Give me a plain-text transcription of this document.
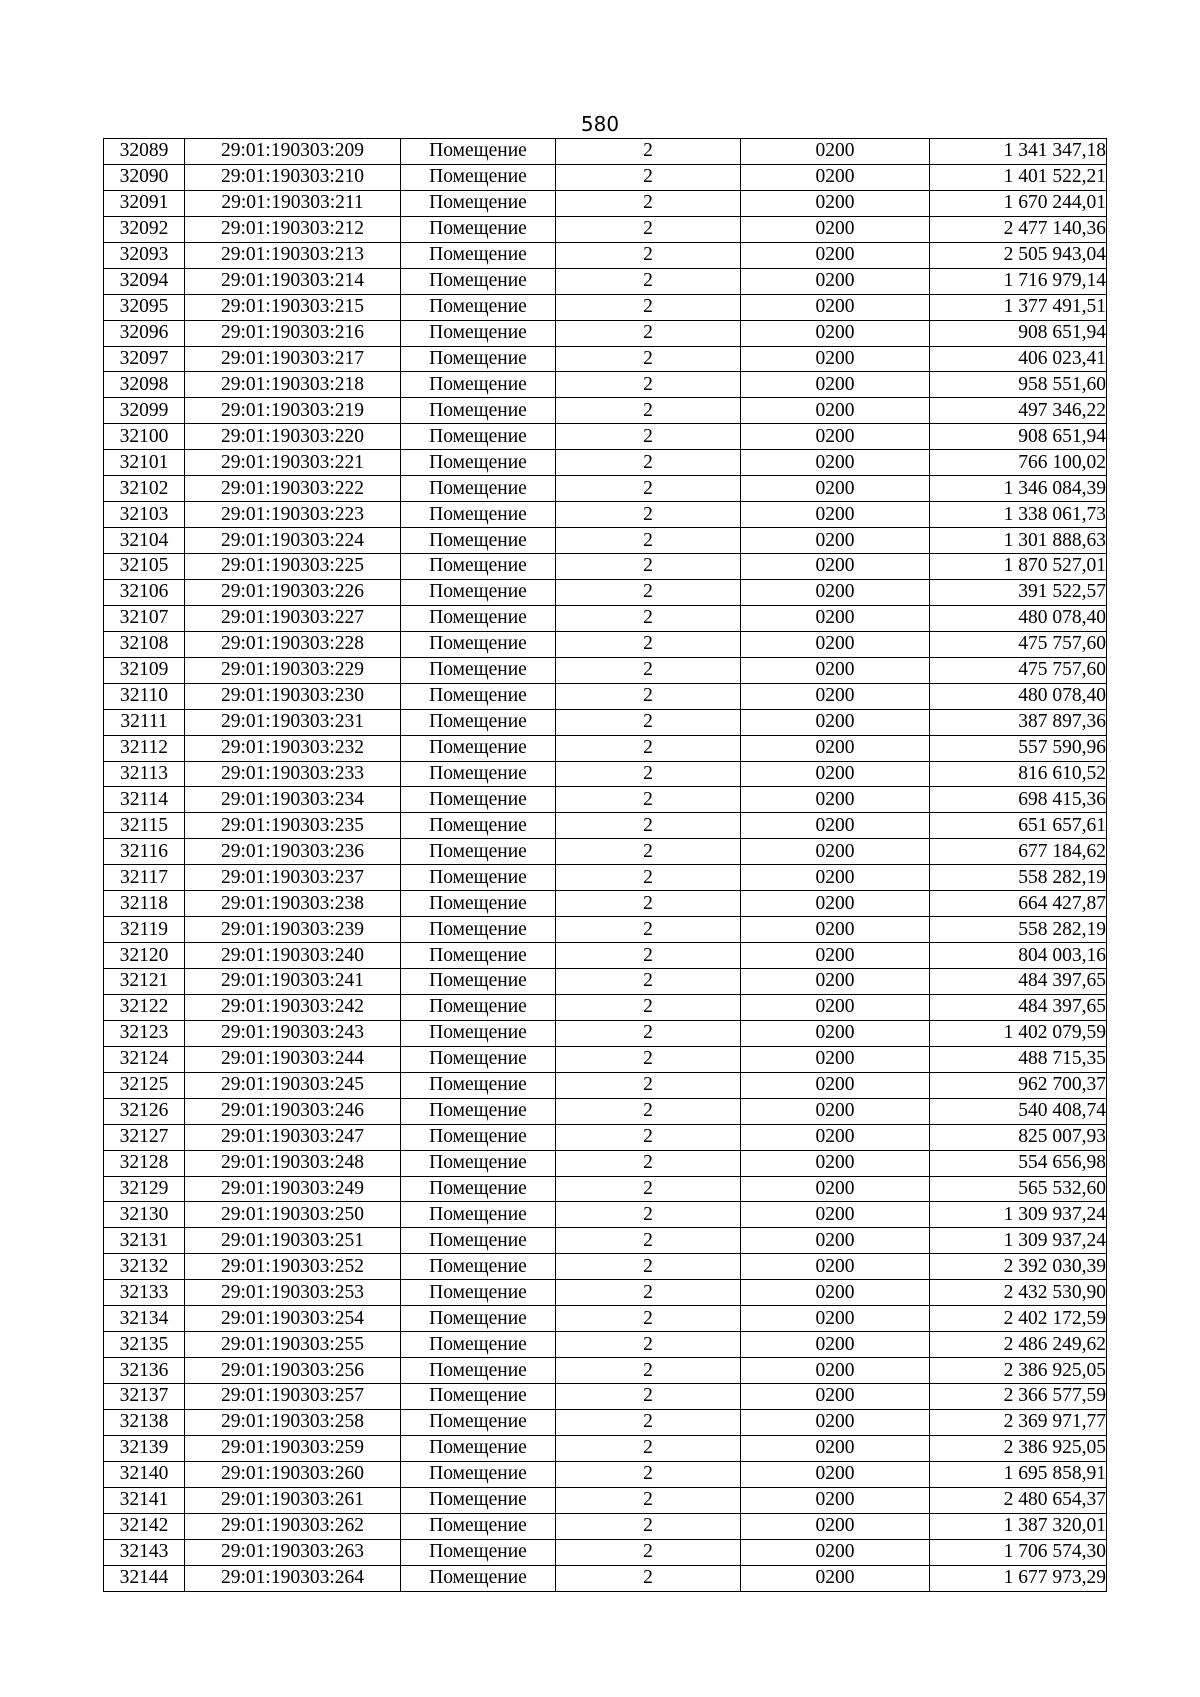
580
32089	29:01:190303:209	Помещение	2	0200	1 341 347,18
32090	29:01:190303:210	Помещение	2	0200	1 401 522,21
32091	29:01:190303:211	Помещение	2	0200	1 670 244,01
32092	29:01:190303:212	Помещение	2	0200	2 477 140,36
32093	29:01:190303:213	Помещение	2	0200	2 505 943,04
32094	29:01:190303:214	Помещение	2	0200	1 716 979,14
32095	29:01:190303:215	Помещение	2	0200	1 377 491,51
32096	29:01:190303:216	Помещение	2	0200	908 651,94
32097	29:01:190303:217	Помещение	2	0200	406 023,41
32098	29:01:190303:218	Помещение	2	0200	958 551,60
32099	29:01:190303:219	Помещение	2	0200	497 346,22
32100	29:01:190303:220	Помещение	2	0200	908 651,94
32101	29:01:190303:221	Помещение	2	0200	766 100,02
32102	29:01:190303:222	Помещение	2	0200	1 346 084,39
32103	29:01:190303:223	Помещение	2	0200	1 338 061,73
32104	29:01:190303:224	Помещение	2	0200	1 301 888,63
32105	29:01:190303:225	Помещение	2	0200	1 870 527,01
32106	29:01:190303:226	Помещение	2	0200	391 522,57
32107	29:01:190303:227	Помещение	2	0200	480 078,40
32108	29:01:190303:228	Помещение	2	0200	475 757,60
32109	29:01:190303:229	Помещение	2	0200	475 757,60
32110	29:01:190303:230	Помещение	2	0200	480 078,40
32111	29:01:190303:231	Помещение	2	0200	387 897,36
32112	29:01:190303:232	Помещение	2	0200	557 590,96
32113	29:01:190303:233	Помещение	2	0200	816 610,52
32114	29:01:190303:234	Помещение	2	0200	698 415,36
32115	29:01:190303:235	Помещение	2	0200	651 657,61
32116	29:01:190303:236	Помещение	2	0200	677 184,62
32117	29:01:190303:237	Помещение	2	0200	558 282,19
32118	29:01:190303:238	Помещение	2	0200	664 427,87
32119	29:01:190303:239	Помещение	2	0200	558 282,19
32120	29:01:190303:240	Помещение	2	0200	804 003,16
32121	29:01:190303:241	Помещение	2	0200	484 397,65
32122	29:01:190303:242	Помещение	2	0200	484 397,65
32123	29:01:190303:243	Помещение	2	0200	1 402 079,59
32124	29:01:190303:244	Помещение	2	0200	488 715,35
32125	29:01:190303:245	Помещение	2	0200	962 700,37
32126	29:01:190303:246	Помещение	2	0200	540 408,74
32127	29:01:190303:247	Помещение	2	0200	825 007,93
32128	29:01:190303:248	Помещение	2	0200	554 656,98
32129	29:01:190303:249	Помещение	2	0200	565 532,60
32130	29:01:190303:250	Помещение	2	0200	1 309 937,24
32131	29:01:190303:251	Помещение	2	0200	1 309 937,24
32132	29:01:190303:252	Помещение	2	0200	2 392 030,39
32133	29:01:190303:253	Помещение	2	0200	2 432 530,90
32134	29:01:190303:254	Помещение	2	0200	2 402 172,59
32135	29:01:190303:255	Помещение	2	0200	2 486 249,62
32136	29:01:190303:256	Помещение	2	0200	2 386 925,05
32137	29:01:190303:257	Помещение	2	0200	2 366 577,59
32138	29:01:190303:258	Помещение	2	0200	2 369 971,77
32139	29:01:190303:259	Помещение	2	0200	2 386 925,05
32140	29:01:190303:260	Помещение	2	0200	1 695 858,91
32141	29:01:190303:261	Помещение	2	0200	2 480 654,37
32142	29:01:190303:262	Помещение	2	0200	1 387 320,01
32143	29:01:190303:263	Помещение	2	0200	1 706 574,30
32144	29:01:190303:264	Помещение	2	0200	1 677 973,29
